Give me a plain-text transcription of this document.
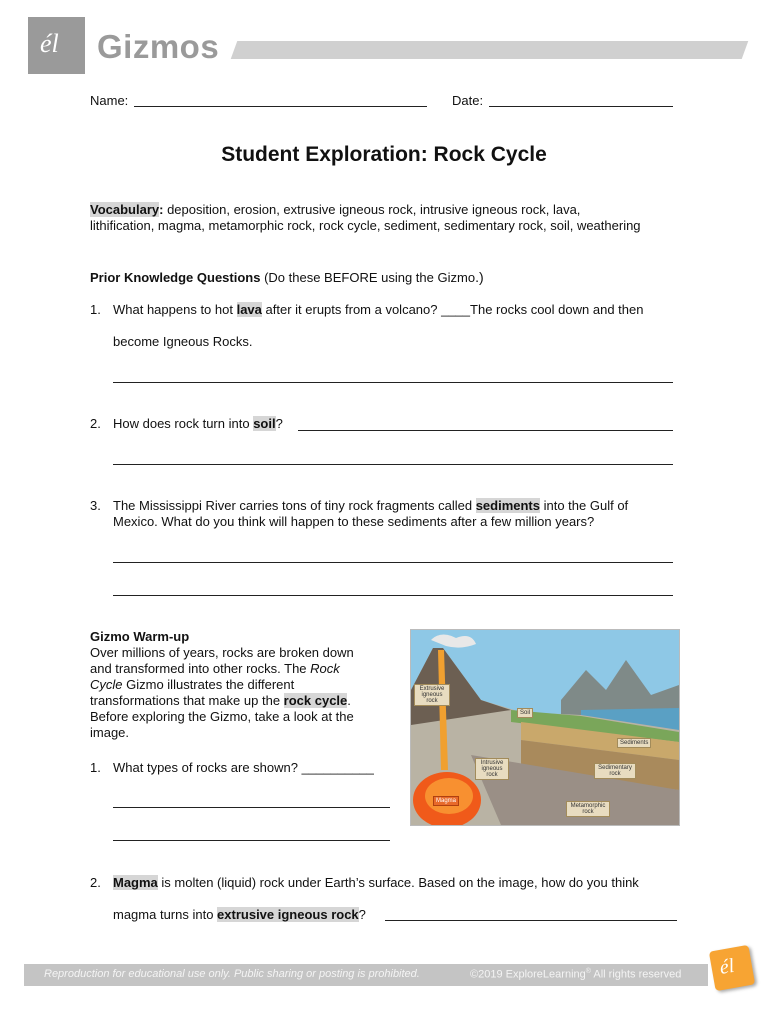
él Gizmos
Name:	Date:
Student Exploration: Rock Cycle
Vocabulary: deposition, erosion, extrusive igneous rock, intrusive igneous rock, lava,
lithification, magma, metamorphic rock, rock cycle, sediment, sedimentary rock, soil, weathering
Prior Knowledge Questions (Do these BEFORE using the Gizmo.)
1. What happens to hot lava after it erupts from a volcano? ____The rocks cool down and then
become Igneous Rocks.
2. How does rock turn into soil?
3. The Mississippi River carries tons of tiny rock fragments called sediments into the Gulf of
Mexico. What do you think will happen to these sediments after a few million years?
Gizmo Warm-up
Over millions of years, rocks are broken down
and transformed into other rocks. The Rock
Cycle Gizmo illustrates the different
transformations that make up the rock cycle.
Before exploring the Gizmo, take a look at the
image.
1. What types of rocks are shown? __________
Extrusive igneous rock
Soil
Sediments
Intrusive igneous rock
Sedimentary rock
Magma
Metamorphic rock
2. Magma is molten (liquid) rock under Earth’s surface. Based on the image, how do you think
magma turns into extrusive igneous rock?
Reproduction for educational use only. Public sharing or posting is prohibited.	©2019 ExploreLearning® All rights reserved él
